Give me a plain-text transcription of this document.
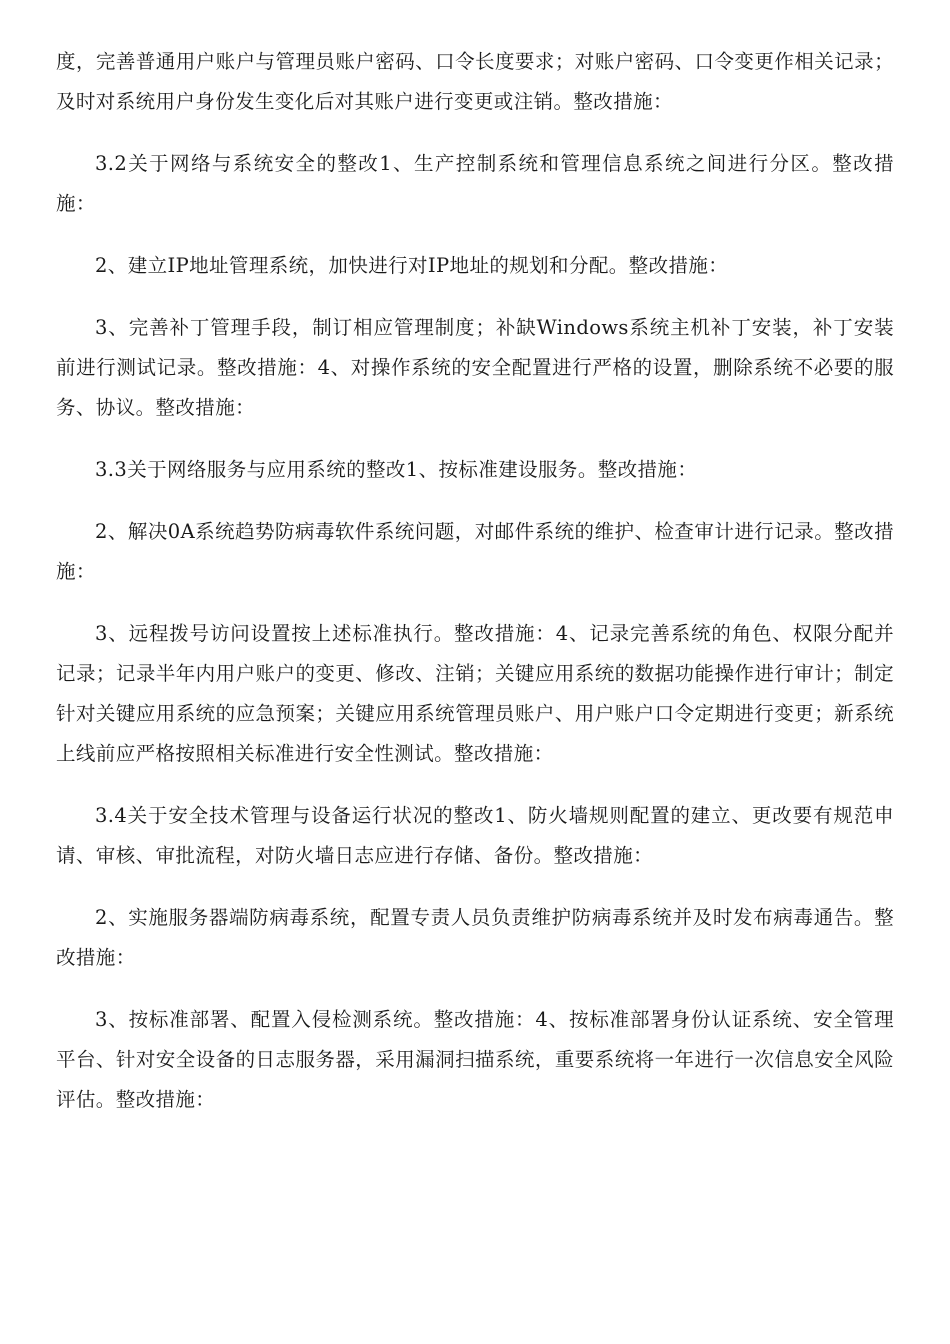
度，完善普通用户账户与管理员账户密码、口令长度要求；对账户密码、口令变更作相关记录；及时对系统用户身份发生变化后对其账户进行变更或注销。整改措施：

3.2关于网络与系统安全的整改1、生产控制系统和管理信息系统之间进行分区。整改措施：

2、建立IP地址管理系统，加快进行对IP地址的规划和分配。整改措施：

3、完善补丁管理手段，制订相应管理制度；补缺Windows系统主机补丁安装，补丁安装前进行测试记录。整改措施：4、对操作系统的安全配置进行严格的设置，删除系统不必要的服务、协议。整改措施：

3.3关于网络服务与应用系统的整改1、按标准建设服务。整改措施：

2、解决0A系统趋势防病毒软件系统问题，对邮件系统的维护、检查审计进行记录。整改措施：

3、远程拨号访问设置按上述标准执行。整改措施：4、记录完善系统的角色、权限分配并记录；记录半年内用户账户的变更、修改、注销；关键应用系统的数据功能操作进行审计；制定针对关键应用系统的应急预案；关键应用系统管理员账户、用户账户口令定期进行变更；新系统上线前应严格按照相关标准进行安全性测试。整改措施：

3.4关于安全技术管理与设备运行状况的整改1、防火墙规则配置的建立、更改要有规范申请、审核、审批流程，对防火墙日志应进行存储、备份。整改措施：

2、实施服务器端防病毒系统，配置专责人员负责维护防病毒系统并及时发布病毒通告。整改措施：

3、按标准部署、配置入侵检测系统。整改措施：4、按标准部署身份认证系统、安全管理平台、针对安全设备的日志服务器，采用漏洞扫描系统，重要系统将一年进行一次信息安全风险评估。整改措施：
